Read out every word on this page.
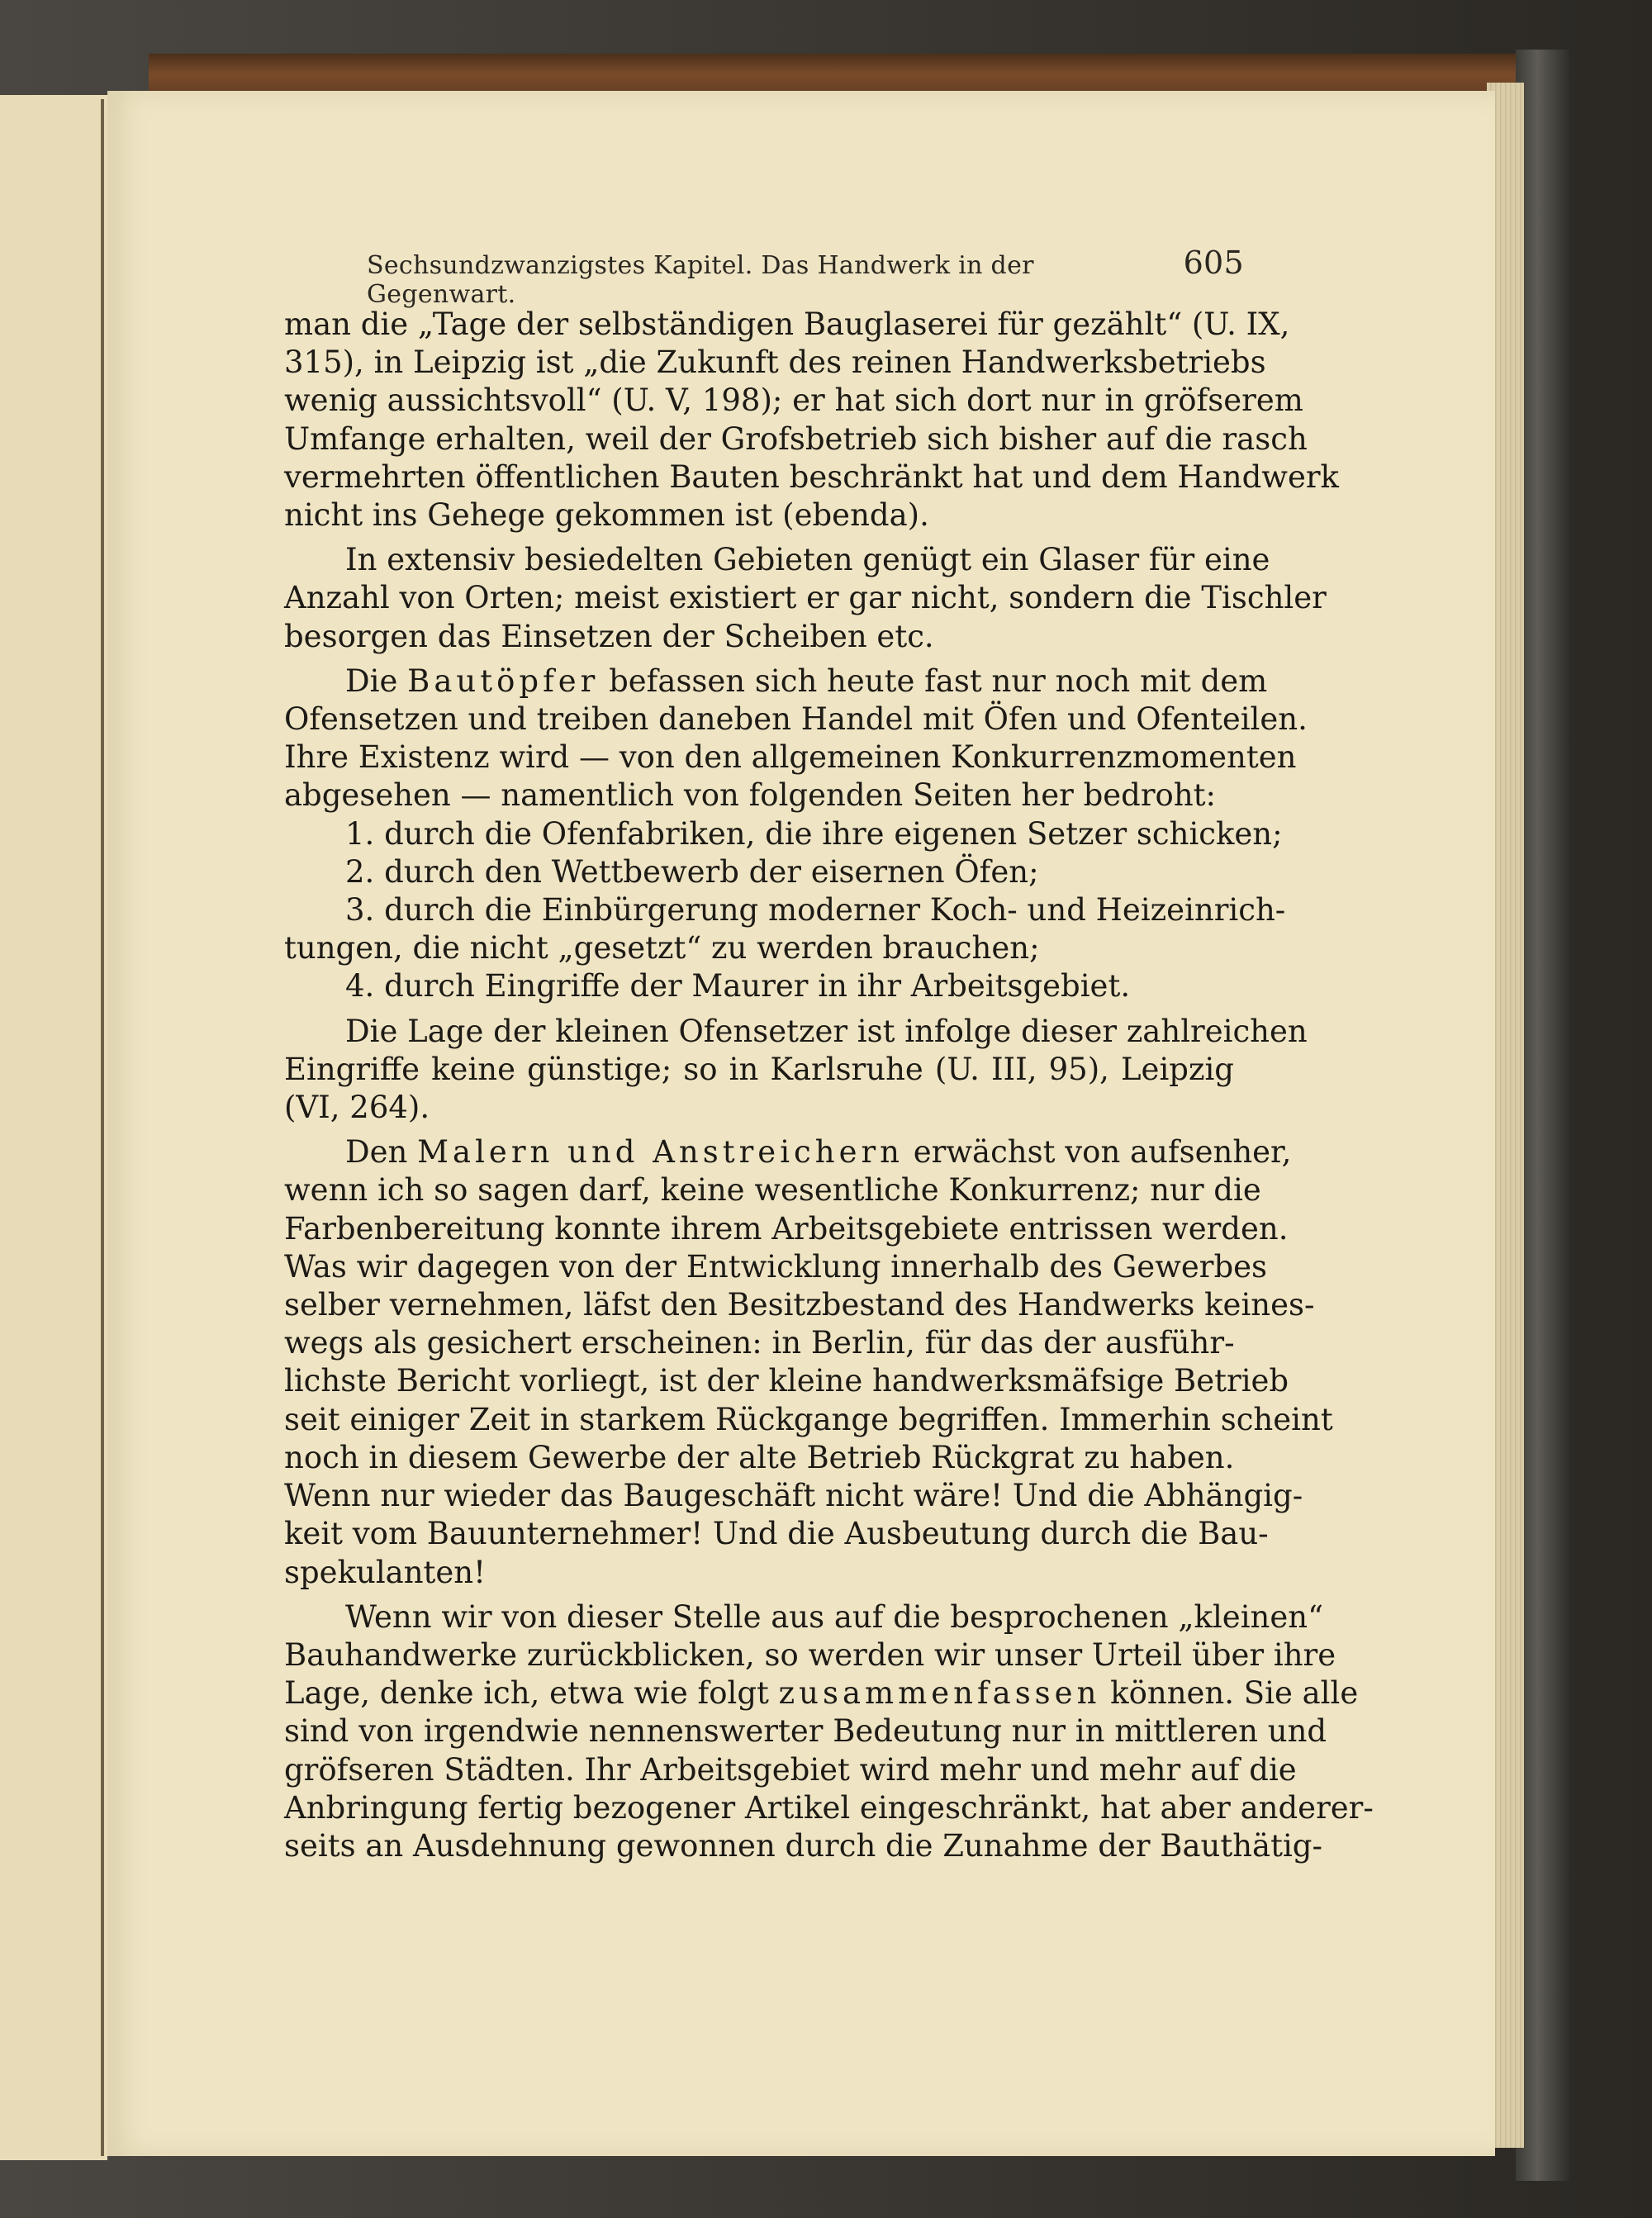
Sechsundzwanzigstes Kapitel. Das Handwerk in der Gegenwart.
605

man die „Tage der selbständigen Bauglaserei für gezählt“ (U. IX,
315), in Leipzig ist „die Zukunft des reinen Handwerksbetriebs
wenig aussichtsvoll“ (U. V, 198); er hat sich dort nur in gröfserem
Umfange erhalten, weil der Grofsbetrieb sich bisher auf die rasch
vermehrten öffentlichen Bauten beschränkt hat und dem Handwerk
nicht ins Gehege gekommen ist (ebenda).

In extensiv besiedelten Gebieten genügt ein Glaser für eine
Anzahl von Orten; meist existiert er gar nicht, sondern die Tischler
besorgen das Einsetzen der Scheiben etc.

Die Bautöpfer befassen sich heute fast nur noch mit dem
Ofensetzen und treiben daneben Handel mit Öfen und Ofenteilen.
Ihre Existenz wird — von den allgemeinen Konkurrenzmomenten
abgesehen — namentlich von folgenden Seiten her bedroht:
1. durch die Ofenfabriken, die ihre eigenen Setzer schicken;
2. durch den Wettbewerb der eisernen Öfen;
3. durch die Einbürgerung moderner Koch- und Heizeinrich-
tungen, die nicht „gesetzt“ zu werden brauchen;
4. durch Eingriffe der Maurer in ihr Arbeitsgebiet.

Die Lage der kleinen Ofensetzer ist infolge dieser zahlreichen
Eingriffe keine günstige; so in Karlsruhe (U. III, 95), Leipzig
(VI, 264).

Den Malern und Anstreichern erwächst von aufsenher,
wenn ich so sagen darf, keine wesentliche Konkurrenz; nur die
Farbenbereitung konnte ihrem Arbeitsgebiete entrissen werden.
Was wir dagegen von der Entwicklung innerhalb des Gewerbes
selber vernehmen, läfst den Besitzbestand des Handwerks keines-
wegs als gesichert erscheinen: in Berlin, für das der ausführ-
lichste Bericht vorliegt, ist der kleine handwerksmäfsige Betrieb
seit einiger Zeit in starkem Rückgange begriffen. Immerhin scheint
noch in diesem Gewerbe der alte Betrieb Rückgrat zu haben.
Wenn nur wieder das Baugeschäft nicht wäre! Und die Abhängig-
keit vom Bauunternehmer! Und die Ausbeutung durch die Bau-
spekulanten!

Wenn wir von dieser Stelle aus auf die besprochenen „kleinen“
Bauhandwerke zurückblicken, so werden wir unser Urteil über ihre
Lage, denke ich, etwa wie folgt zusammenfassen können. Sie alle
sind von irgendwie nennenswerter Bedeutung nur in mittleren und
gröfseren Städten. Ihr Arbeitsgebiet wird mehr und mehr auf die
Anbringung fertig bezogener Artikel eingeschränkt, hat aber anderer-
seits an Ausdehnung gewonnen durch die Zunahme der Bauthätig-
